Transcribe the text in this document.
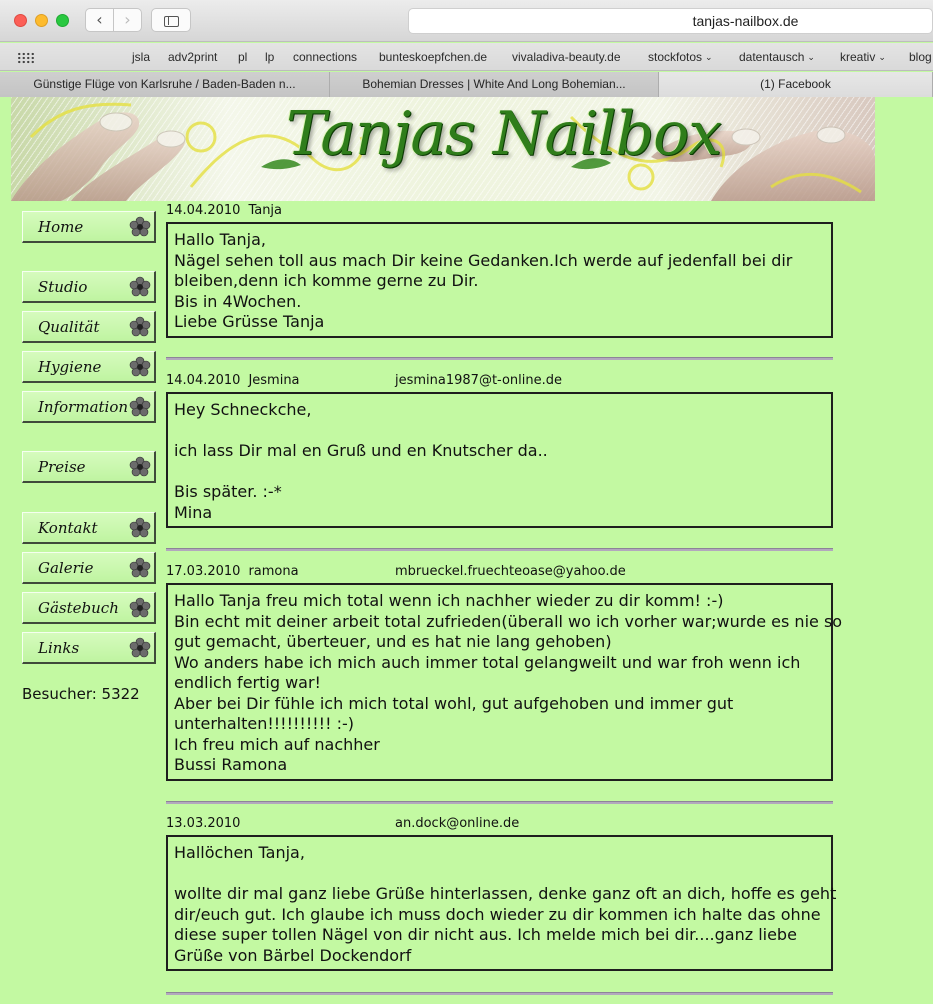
‹	›	tanjas-nailbox.de
jsla adv2print pl lp connections bunteskoepfchen.de vivaladiva-beauty.de stockfotos ⌄ datentausch ⌄ kreativ ⌄ blog
Günstige Flüge von Karlsruhe / Baden-Baden n...	Bohemian Dresses | White And Long Bohemian...	(1) Facebook
Tanjas Nailbox
Home
Studio
Qualität
Hygiene
Information
Preise
Kontakt
Galerie
Gästebuch
Links
Besucher: 5322
14.04.2010 Tanja

Hallo Tanja,

Nägel sehen toll aus mach Dir keine Gedanken.Ich werde auf jedenfall bei dir

bleiben,denn ich komme gerne zu Dir.

Bis in 4Wochen.

Liebe Grüsse Tanja

14.04.2010 Jesmina	jesmina1987@t-online.de

Hey Schneckche,

ich lass Dir mal en Gruß und en Knutscher da..

Bis später. :-*

Mina

17.03.2010 ramona	mbrueckel.fruechteoase@yahoo.de

Hallo Tanja freu mich total wenn ich nachher wieder zu dir komm! :-)

Bin echt mit deiner arbeit total zufrieden(überall wo ich vorher war;wurde es nie so

gut gemacht, überteuer, und es hat nie lang gehoben)

Wo anders habe ich mich auch immer total gelangweilt und war froh wenn ich

endlich fertig war!

Aber bei Dir fühle ich mich total wohl, gut aufgehoben und immer gut

unterhalten!!!!!!!!!! :-)

Ich freu mich auf nachher

Bussi Ramona

13.03.2010	an.dock@online.de

Hallöchen Tanja,

wollte dir mal ganz liebe Grüße hinterlassen, denke ganz oft an dich, hoffe es geht

dir/euch gut. Ich glaube ich muss doch wieder zu dir kommen ich halte das ohne

diese super tollen Nägel von dir nicht aus. Ich melde mich bei dir....ganz liebe

Grüße von Bärbel Dockendorf
